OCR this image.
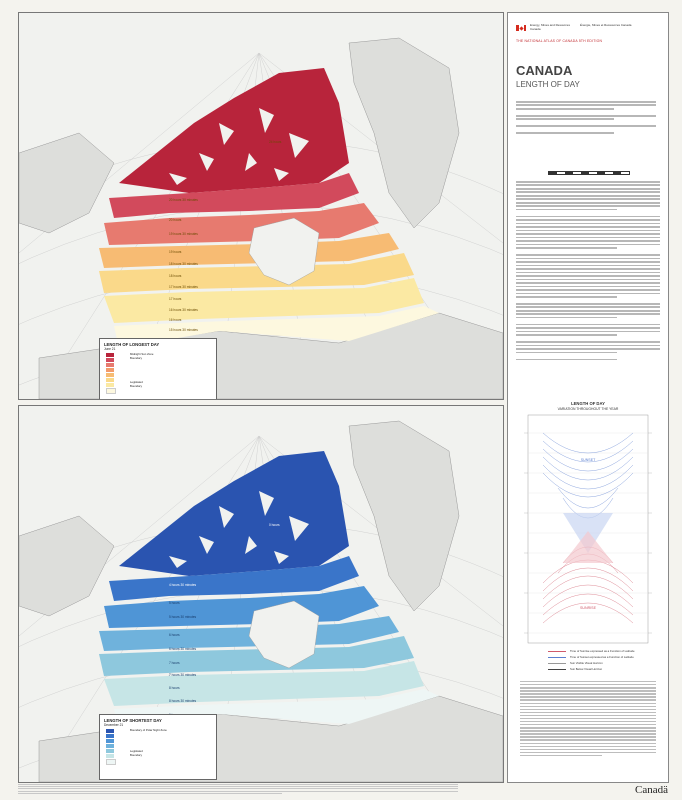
20 hours 30 minutes
20 hours
19 hours 30 minutes
19 hours
18 hours 30 minutes
18 hours
17 hours 30 minutes
17 hours
16 hours 30 minutes
16 hours
15 hours 30 minutes
24 hours
LENGTH OF LONGEST DAY
June 21
Midnight Sun Zone
Boundary
Legislated
Boundary
0 hours
4 hours 30 minutes
5 hours
5 hours 30 minutes
6 hours
6 hours 30 minutes
7 hours
7 hours 30 minutes
8 hours
8 hours 30 minutes
LENGTH OF SHORTEST DAY
December 21
Boundary of Polar Night Zone
Legislated
Boundary
Energy, Mines and Resources Canada
Énergie, Mines et Ressources Canada
THE NATIONAL ATLAS OF CANADA 5TH EDITION
CANADA
LENGTH OF DAY
LENGTH OF DAY
VARIATION THROUGHOUT THE YEAR
SUNSET
SUNRISE
Time of Sunrise expressed as a Function of Latitude
Time of Sunset expressed as a Function of Latitude
Sun Visible Visual Horizon
Sun Below Visual Horizon
Canadä
